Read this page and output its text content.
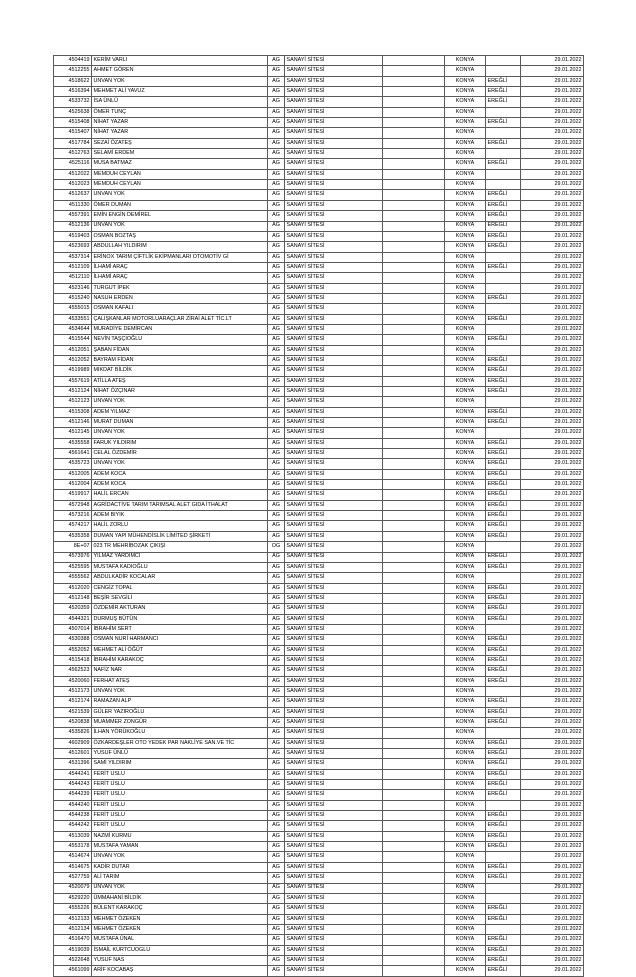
4504419	KERİM VARLI	AG	SANAYİ SİTESİ		KONYA		29.01.2022
4512255	AHMET GÖREN	AG	SANAYİ SİTESİ		KONYA		29.01.2022
4518622	UNVAN YOK	AG	SANAYİ SİTESİ		KONYA	EREĞLİ	29.01.2022
4516394	MEHMET ALİ YAVUZ	AG	SANAYİ SİTESİ		KONYA	EREĞLİ	29.01.2022
4533732	İSA ÜNLÜ	AG	SANAYİ SİTESİ		KONYA	EREĞLİ	29.01.2022
4525638	ÖMER TUNÇ	AG	SANAYİ SİTESİ		KONYA		29.01.2022
4515408	NİHAT YAZAR	AG	SANAYİ SİTESİ		KONYA	EREĞLİ	29.01.2022
4515407	NİHAT YAZAR	AG	SANAYİ SİTESİ		KONYA		29.01.2022
4517784	SEZAİ ÖZATEŞ	AG	SANAYİ SİTESİ		KONYA	EREĞLİ	29.01.2022
4512763	SELAMİ ERDEM	AG	SANAYİ SİTESİ		KONYA		29.01.2022
4525116	MUSA BATMAZ	AG	SANAYİ SİTESİ		KONYA	EREĞLİ	29.01.2022
4512022	MEMDUH CEYLAN	AG	SANAYİ SİTESİ		KONYA		29.01.2022
4512023	MEMDUH CEYLAN	AG	SANAYİ SİTESİ		KONYA		29.01.2022
4512637	UNVAN YOK	AG	SANAYİ SİTESİ		KONYA	EREĞLİ	29.01.2022
4511330	ÖMER DUMAN	AG	SANAYİ SİTESİ		KONYA	EREĞLİ	29.01.2022
4557391	EMİN ENGİN DEMİREL	AG	SANAYİ SİTESİ		KONYA	EREĞLİ	29.01.2022
4512136	UNVAN YOK	AG	SANAYİ SİTESİ		KONYA	EREĞLİ	29.01.2022
4519403	OSMAN BOZTAŞ	AG	SANAYİ SİTESİ		KONYA	EREĞLİ	29.01.2022
4523693	ABDULLAH YILDIRIM	AG	SANAYİ SİTESİ		KONYA	EREĞLİ	29.01.2022
4537314	ERİNOX TARIM ÇİFTLİK EKİPMANLARI OTOMOTİV Gİ	AG	SANAYİ SİTESİ		KONYA		29.01.2022
4512109	İLHAMİ ARAÇ	AG	SANAYİ SİTESİ		KONYA	EREĞLİ	29.01.2022
4512110	İLHAMİ ARAÇ	AG	SANAYİ SİTESİ		KONYA		29.01.2022
4523146	TURGUT İPEK	AG	SANAYİ SİTESİ		KONYA		29.01.2022
4515240	NASUH ERDEN	AG	SANAYİ SİTESİ		KONYA	EREĞLİ	29.01.2022
4555015	OSMAN KAFALI	AG	SANAYİ SİTESİ		KONYA		29.01.2022
4533551	ÇALIŞKANLAR MOTORLUARAÇLAR ZİRAİ ALET TİC.LT	AG	SANAYİ SİTESİ		KONYA	EREĞLİ	29.01.2022
4534644	MURADİYE DEMİRCAN	AG	SANAYİ SİTESİ		KONYA		29.01.2022
4515544	NEVİN TAŞÇIOĞLU	AG	SANAYİ SİTESİ		KONYA	EREĞLİ	29.01.2022
4512051	ŞABAN FİDAN	AG	SANAYİ SİTESİ		KONYA		29.01.2022
4512052	BAYRAM FİDAN	AG	SANAYİ SİTESİ		KONYA	EREĞLİ	29.01.2022
4519989	MIKDAT BİLDİK	AG	SANAYİ SİTESİ		KONYA	EREĞLİ	29.01.2022
4557619	ATİLLA ATEŞ	AG	SANAYİ SİTESİ		KONYA	EREĞLİ	29.01.2022
4512124	NİHAT ÖZÇINAR	AG	SANAYİ SİTESİ		KONYA	EREĞLİ	29.01.2022
4512123	UNVAN YOK	AG	SANAYİ SİTESİ		KONYA		29.01.2022
4515308	ADEM YILMAZ	AG	SANAYİ SİTESİ		KONYA	EREĞLİ	29.01.2022
4512146	MURAT DUMAN	AG	SANAYİ SİTESİ		KONYA	EREĞLİ	29.01.2022
4512145	UNVAN YOK	AG	SANAYİ SİTESİ		KONYA		29.01.2022
4535558	FARUK YILDIRIM	AG	SANAYİ SİTESİ		KONYA	EREĞLİ	29.01.2022
4561641	CELAL ÖZDEMİR	AG	SANAYİ SİTESİ		KONYA	EREĞLİ	29.01.2022
4535723	UNVAN YOK	AG	SANAYİ SİTESİ		KONYA	EREĞLİ	29.01.2022
4512005	ADEM KOCA	AG	SANAYİ SİTESİ		KONYA	EREĞLİ	29.01.2022
4512004	ADEM KOCA	AG	SANAYİ SİTESİ		KONYA	EREĞLİ	29.01.2022
4519917	HALİL ERCAN	AG	SANAYİ SİTESİ		KONYA	EREĞLİ	29.01.2022
4572948	AGRİDACTİVE TARIM TARIMSAL ALET GIDA İTHALAT	AG	SANAYİ SİTESİ		KONYA	EREĞLİ	29.01.2022
4573216	ADEM BIYIK	AG	SANAYİ SİTESİ		KONYA	EREĞLİ	29.01.2022
4574217	HALİL ZORLU	AG	SANAYİ SİTESİ		KONYA	EREĞLİ	29.01.2022
4535358	DUMAN YAPI MÜHENDİSLİK LİMİTED ŞİRKETİ	AG	SANAYİ SİTESİ		KONYA	EREĞLİ	29.01.2022
8E+07	023 TR MEHRİBOZAK ÇIKIŞI	OG	SANAYİ SİTESİ		KONYA		29.01.2022
4573976	YILMAZ YARDIMCI	AG	SANAYİ SİTESİ		KONYA	EREĞLİ	29.01.2022
4525595	MUSTAFA KADIOĞLU	AG	SANAYİ SİTESİ		KONYA	EREĞLİ	29.01.2022
4555562	ABDULKADİR KOCALAR	AG	SANAYİ SİTESİ		KONYA		29.01.2022
4512020	CENGİZ TOPAL	AG	SANAYİ SİTESİ		KONYA	EREĞLİ	29.01.2022
4512148	BEŞİR SEVGİLİ	AG	SANAYİ SİTESİ		KONYA	EREĞLİ	29.01.2022
4520359	ÖZDEMİR AKTURAN	AG	SANAYİ SİTESİ		KONYA	EREĞLİ	29.01.2022
4544321	DURMUŞ BÜTÜN	AG	SANAYİ SİTESİ		KONYA	EREĞLİ	29.01.2022
4507014	İBRAHİM SERT	AG	SANAYİ SİTESİ		KONYA		29.01.2022
4530388	OSMAN NURİ HARMANCI	AG	SANAYİ SİTESİ		KONYA	EREĞLİ	29.01.2022
4552052	MEHMET ALİ ÖĞÜT	AG	SANAYİ SİTESİ		KONYA	EREĞLİ	29.01.2022
4515418	İBRAHİM KARAKOÇ	AG	SANAYİ SİTESİ		KONYA	EREĞLİ	29.01.2022
4562523	NAFİZ NAR	AG	SANAYİ SİTESİ		KONYA	EREĞLİ	29.01.2022
4520060	FERHAT ATEŞ	AG	SANAYİ SİTESİ		KONYA	EREĞLİ	29.01.2022
4512173	UNVAN YOK	AG	SANAYİ SİTESİ		KONYA		29.01.2022
4512174	RAMAZAN ALP	AG	SANAYİ SİTESİ		KONYA	EREĞLİ	29.01.2022
4521539	GÜLER YAZIROĞLU	AG	SANAYİ SİTESİ		KONYA	EREĞLİ	29.01.2022
4520838	MUAMMER ZONGÜR	AG	SANAYİ SİTESİ		KONYA	EREĞLİ	29.01.2022
4535826	İLHAN YÖRÜKOĞLU	AG	SANAYİ SİTESİ		KONYA		29.01.2022
4602909	ÖZKARDEŞLER OTO YEDEK PAR NAKLİYE SAN.VE TİC	AG	SANAYİ SİTESİ		KONYA	EREĞLİ	29.01.2022
4512601	YUSUF ÜNLÜ	AG	SANAYİ SİTESİ		KONYA	EREĞLİ	29.01.2022
4531396	SAMİ YILDIRIM	AG	SANAYİ SİTESİ		KONYA	EREĞLİ	29.01.2022
4544241	FERİT USLU	AG	SANAYİ SİTESİ		KONYA	EREĞLİ	29.01.2022
4544243	FERİT USLU	AG	SANAYİ SİTESİ		KONYA	EREĞLİ	29.01.2022
4544239	FERİT USLU	AG	SANAYİ SİTESİ		KONYA	EREĞLİ	29.01.2022
4544240	FERİT USLU	AG	SANAYİ SİTESİ		KONYA		29.01.2022
4544238	FERİT USLU	AG	SANAYİ SİTESİ		KONYA	EREĞLİ	29.01.2022
4544242	FERİT USLU	AG	SANAYİ SİTESİ		KONYA	EREĞLİ	29.01.2022
4513039	NAZMİ KURMU	AG	SANAYİ SİTESİ		KONYA	EREĞLİ	29.01.2022
4553178	MUSTAFA YAMAN	AG	SANAYİ SİTESİ		KONYA	EREĞLİ	29.01.2022
4514674	UNVAN YOK	AG	SANAYİ SİTESİ		KONYA		29.01.2022
4514675	KADİR DUTAR	AG	SANAYİ SİTESİ		KONYA	EREĞLİ	29.01.2022
4527759	ALİ TARIM	AG	SANAYİ SİTESİ		KONYA	EREĞLİ	29.01.2022
4520079	UNVAN YOK	AG	SANAYİ SİTESİ		KONYA		29.01.2022
4529220	ÜMMAHANİ BİLDİK	AG	SANAYİ SİTESİ		KONYA		29.01.2022
4555226	BÜLENT KARAKOÇ	AG	SANAYİ SİTESİ		KONYA	EREĞLİ	29.01.2022
4512133	MEHMET ÖZEKEN	AG	SANAYİ SİTESİ		KONYA	EREĞLİ	29.01.2022
4512134	MEHMET ÖZEKEN	AG	SANAYİ SİTESİ		KONYA		29.01.2022
4516470	MUSTAFA ÜNAL	AG	SANAYİ SİTESİ		KONYA	EREĞLİ	29.01.2022
4519039	İSMAİL KURTCUOGLU	AG	SANAYİ SİTESİ		KONYA	EREĞLİ	29.01.2022
4522648	YUSUF NAS	AG	SANAYİ SİTESİ		KONYA	EREĞLİ	29.01.2022
4561099	ARİF KOCABAŞ	AG	SANAYİ SİTESİ		KONYA	EREĞLİ	29.01.2022
